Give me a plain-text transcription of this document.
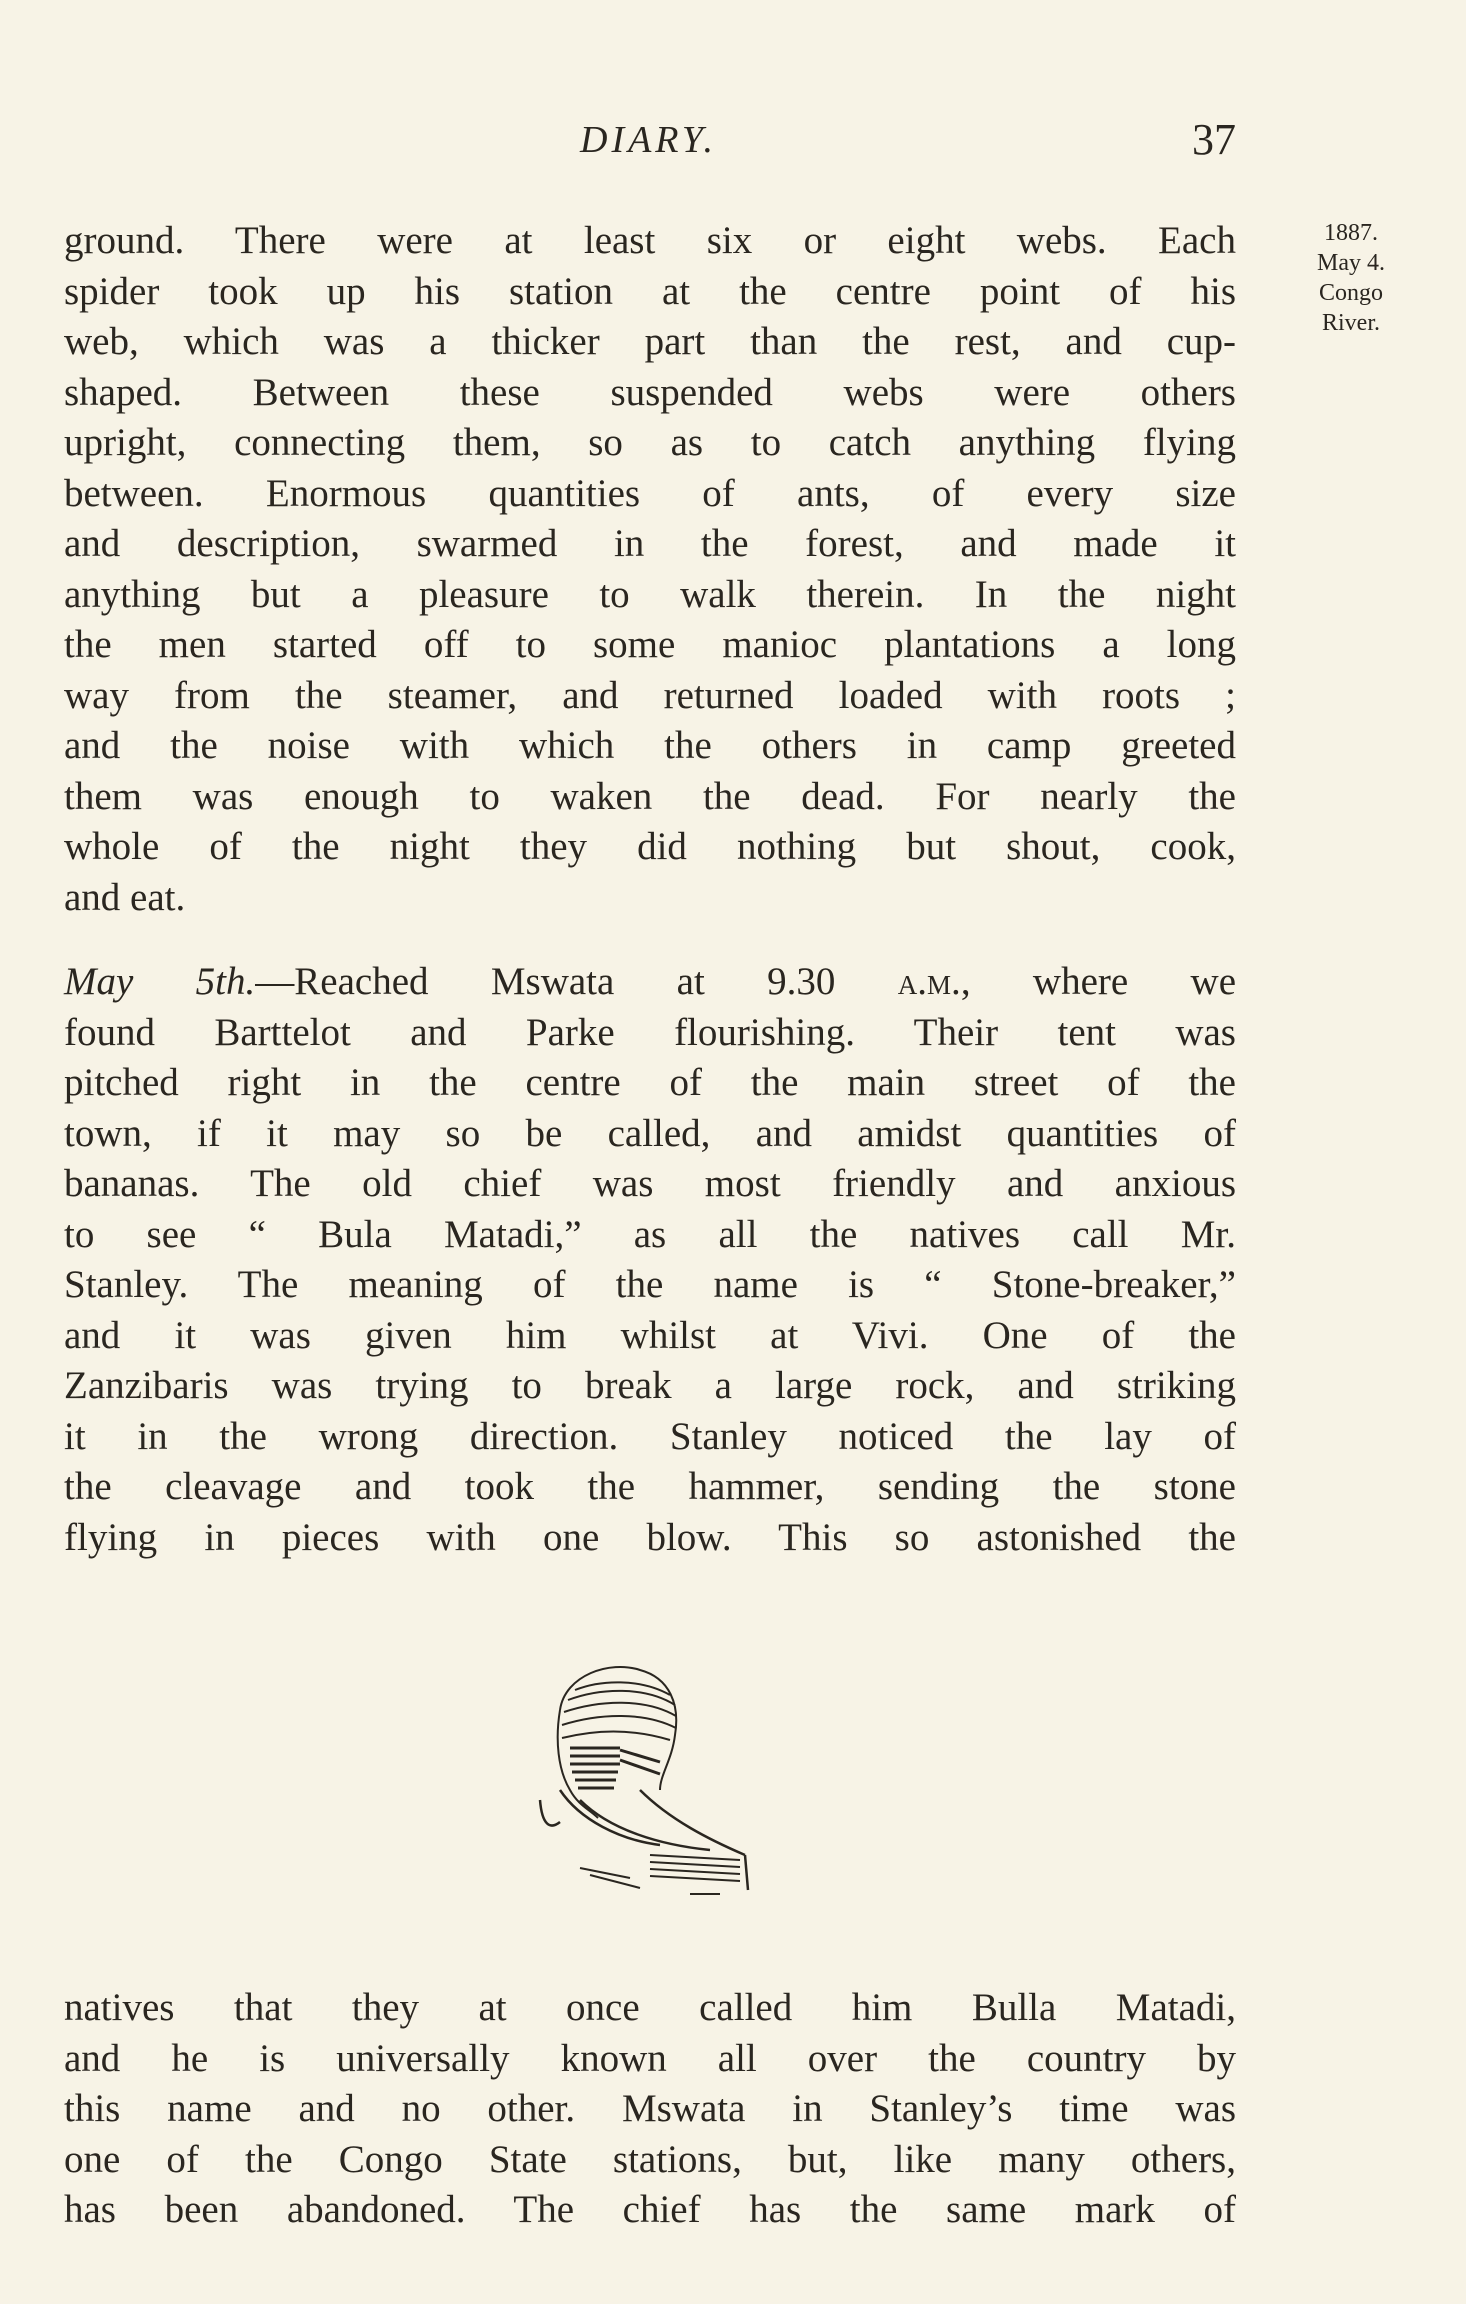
DIARY.	37
1887.
May 4.
Congo
River.
ground. There were at least six or eight webs. Each
spider took up his station at the centre point of his
web, which was a thicker part than the rest, and cup-
shaped. Between these suspended webs were others
upright, connecting them, so as to catch anything flying
between. Enormous quantities of ants, of every size
and description, swarmed in the forest, and made it
anything but a pleasure to walk therein. In the night
the men started off to some manioc plantations a long
way from the steamer, and returned loaded with roots ;
and the noise with which the others in camp greeted
them was enough to waken the dead. For nearly the
whole of the night they did nothing but shout, cook,
and eat.
May 5th.—Reached Mswata at 9.30 a.m., where we
found Barttelot and Parke flourishing. Their tent was
pitched right in the centre of the main street of the
town, if it may so be called, and amidst quantities of
bananas. The old chief was most friendly and anxious
to see “ Bula Matadi,” as all the natives call Mr.
Stanley. The meaning of the name is “ Stone-breaker,”
and it was given him whilst at Vivi. One of the
Zanzibaris was trying to break a large rock, and striking
it in the wrong direction. Stanley noticed the lay of
the cleavage and took the hammer, sending the stone
flying in pieces with one blow. This so astonished the
natives that they at once called him Bulla Matadi,
and he is universally known all over the country by
this name and no other. Mswata in Stanley’s time was
one of the Congo State stations, but, like many others,
has been abandoned. The chief has the same mark of
